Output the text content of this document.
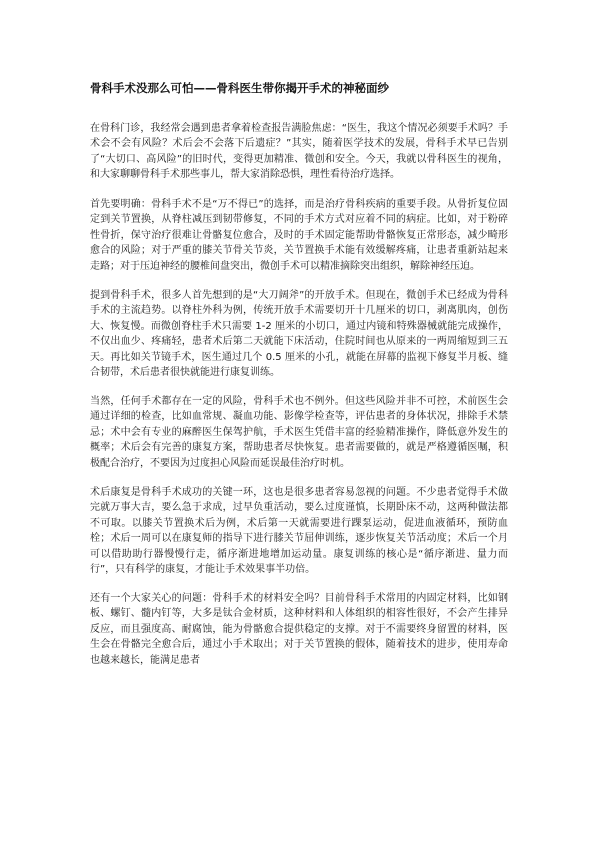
骨科手术没那么可怕——骨科医生带你揭开手术的神秘面纱
在骨科门诊，我经常会遇到患者拿着检查报告满脸焦虑：“医生，我这个情况必须要手术吗？手术会不会有风险？术后会不会落下后遗症？”其实，随着医学技术的发展，骨科手术早已告别了“大切口、高风险”的旧时代，变得更加精准、微创和安全。今天，我就以骨科医生的视角，和大家聊聊骨科手术那些事儿，帮大家消除恐惧，理性看待治疗选择。
首先要明确：骨科手术不是“万不得已”的选择，而是治疗骨科疾病的重要手段。从骨折复位固定到关节置换，从脊柱减压到韧带修复，不同的手术方式对应着不同的病症。比如，对于粉碎性骨折，保守治疗很难让骨骼复位愈合，及时的手术固定能帮助骨骼恢复正常形态，减少畸形愈合的风险；对于严重的膝关节骨关节炎，关节置换手术能有效缓解疼痛，让患者重新站起来走路；对于压迫神经的腰椎间盘突出，微创手术可以精准摘除突出组织，解除神经压迫。
提到骨科手术，很多人首先想到的是“大刀阔斧”的开放手术。但现在，微创手术已经成为骨科手术的主流趋势。以脊柱外科为例，传统开放手术需要切开十几厘米的切口，剥离肌肉，创伤大、恢复慢。而微创脊柱手术只需要 1-2 厘米的小切口，通过内镜和特殊器械就能完成操作，不仅出血少、疼痛轻，患者术后第二天就能下床活动，住院时间也从原来的一两周缩短到三五天。再比如关节镜手术，医生通过几个 0.5 厘米的小孔，就能在屏幕的监视下修复半月板、缝合韧带，术后患者很快就能进行康复训练。
当然，任何手术都存在一定的风险，骨科手术也不例外。但这些风险并非不可控，术前医生会通过详细的检查，比如血常规、凝血功能、影像学检查等，评估患者的身体状况，排除手术禁忌；术中会有专业的麻醉医生保驾护航，手术医生凭借丰富的经验精准操作，降低意外发生的概率；术后会有完善的康复方案，帮助患者尽快恢复。患者需要做的，就是严格遵循医嘱，积极配合治疗，不要因为过度担心风险而延误最佳治疗时机。
术后康复是骨科手术成功的关键一环，这也是很多患者容易忽视的问题。不少患者觉得手术做完就万事大吉，要么急于求成，过早负重活动，要么过度谨慎，长期卧床不动，这两种做法都不可取。以膝关节置换术后为例，术后第一天就需要进行踝泵运动，促进血液循环，预防血栓；术后一周可以在康复师的指导下进行膝关节屈伸训练，逐步恢复关节活动度；术后一个月可以借助助行器慢慢行走，循序渐进地增加运动量。康复训练的核心是“循序渐进、量力而行”，只有科学的康复，才能让手术效果事半功倍。
还有一个大家关心的问题：骨科手术的材料安全吗？目前骨科手术常用的内固定材料，比如钢板、螺钉、髓内钉等，大多是钛合金材质，这种材料和人体组织的相容性很好，不会产生排异反应，而且强度高、耐腐蚀，能为骨骼愈合提供稳定的支撑。对于不需要终身留置的材料，医生会在骨骼完全愈合后，通过小手术取出；对于关节置换的假体，随着技术的进步，使用寿命也越来越长，能满足患者
